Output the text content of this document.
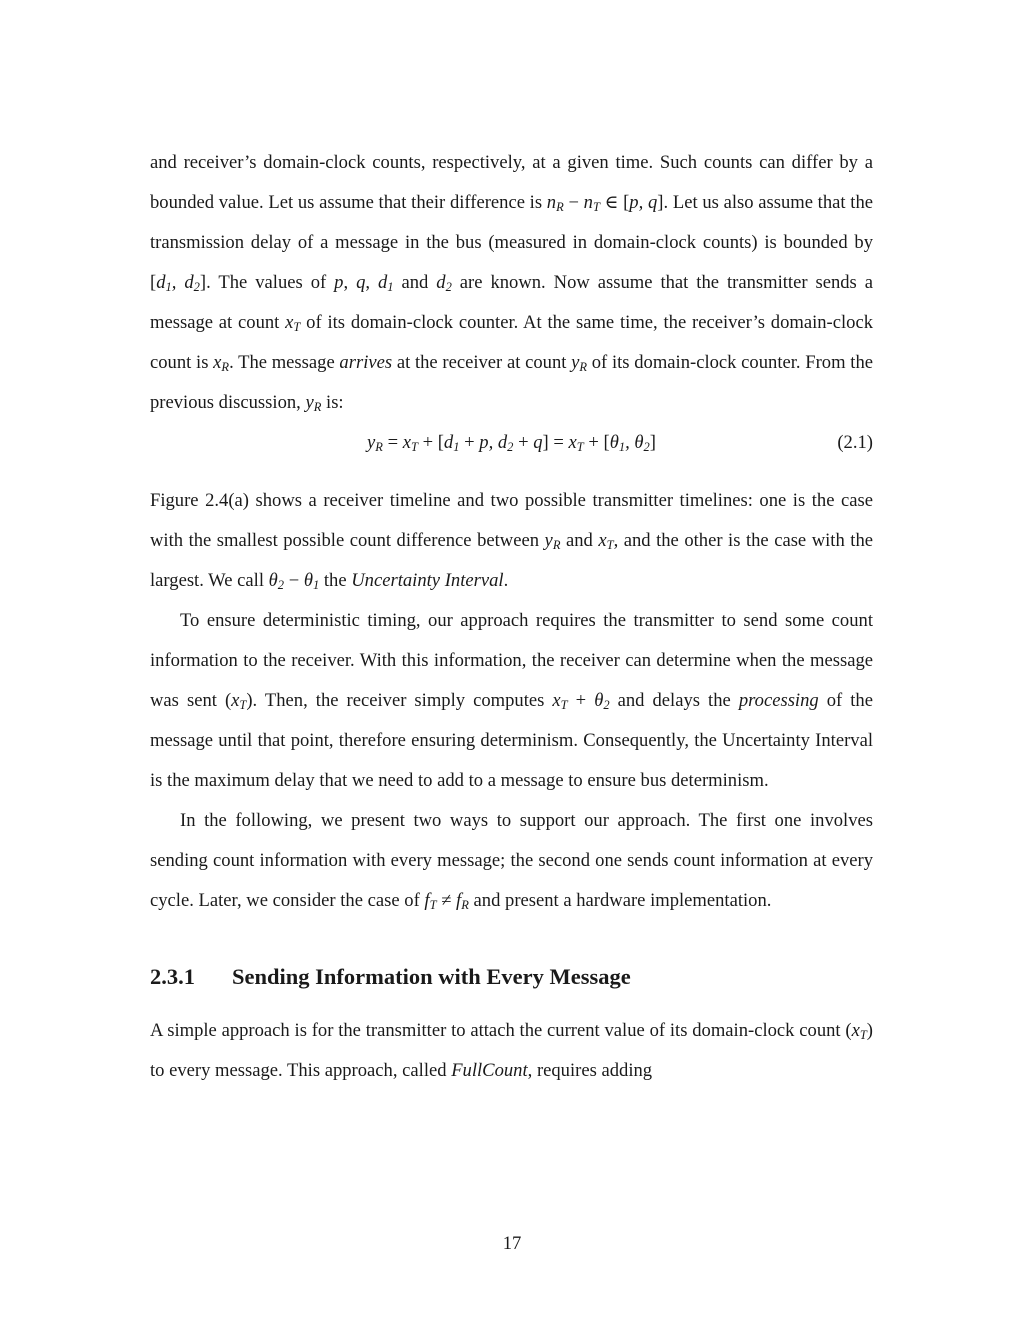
and receiver’s domain-clock counts, respectively, at a given time. Such counts can differ by a bounded value. Let us assume that their difference is nR − nT ∈ [p, q]. Let us also assume that the transmission delay of a message in the bus (measured in domain-clock counts) is bounded by [$d_1$, $d_2$]. The values of p, q, $d_1$ and $d_2$ are known. Now assume that the transmitter sends a message at count xT of its domain-clock counter. At the same time, the receiver’s domain-clock count is xR. The message arrives at the receiver at count yR of its domain-clock counter. From the previous discussion, yR is:

yR = xT + [$d_1 + p$, $d_2 + q$] = xT + [$\theta_1$, $\theta_2$]	(2.1)

Figure 2.4(a) shows a receiver timeline and two possible transmitter timelines: one is the case with the smallest possible count difference between yR and xT, and the other is the case with the largest. We call $\theta_2 - \theta_1$ the Uncertainty Interval.

To ensure deterministic timing, our approach requires the transmitter to send some count information to the receiver. With this information, the receiver can determine when the message was sent (xT). Then, the receiver simply computes xT + $\theta_2$ and delays the processing of the message until that point, therefore ensuring determinism. Consequently, the Uncertainty Interval is the maximum delay that we need to add to a message to ensure bus determinism.

In the following, we present two ways to support our approach. The first one involves sending count information with every message; the second one sends count information at every cycle. Later, we consider the case of fT ≠ fR and present a hardware implementation.

2.3.1 Sending Information with Every Message

A simple approach is for the transmitter to attach the current value of its domain-clock count (xT) to every message. This approach, called FullCount, requires adding

17
